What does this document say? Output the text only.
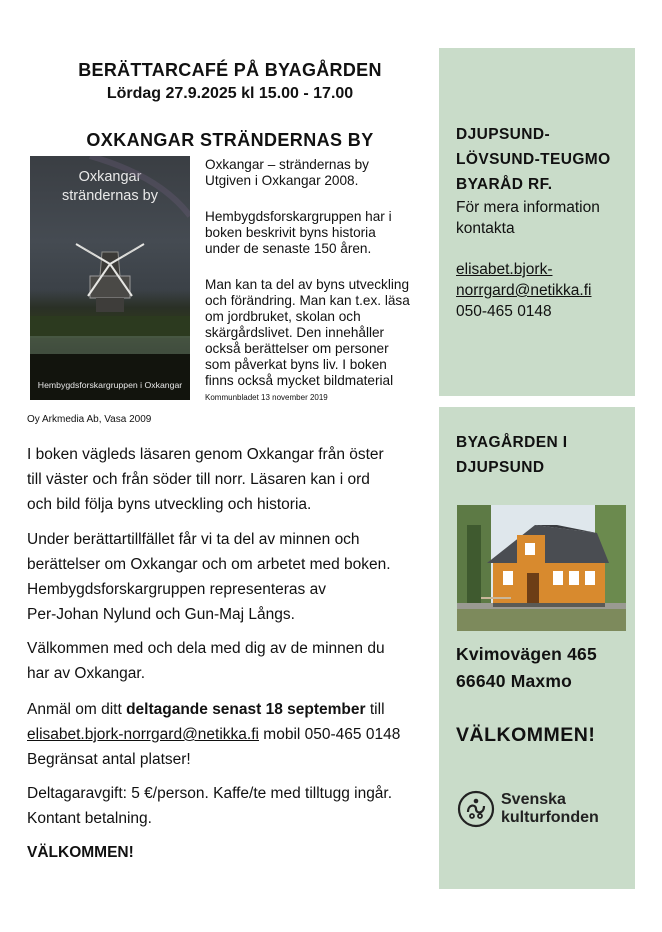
BERÄTTARCAFÉ PÅ BYAGÅRDEN
Lördag 27.9.2025 kl 15.00 - 17.00
OXKANGAR STRÄNDERNAS BY
Oxkangar
strändernas by
Hembygdsforskargruppen i Oxkangar
Oxkangar – strändernas by
Utgiven i Oxkangar 2008.
Hembygdsforskargruppen har i
boken beskrivit byns historia
under de senaste 150 åren.
Man kan ta del av byns utveckling
och förändring. Man kan t.ex. läsa
om jordbruket, skolan och
skärgårdslivet. Den innehåller
också berättelser om personer
som påverkat byns liv. I boken
finns också mycket bildmaterial
Kommunbladet 13 november 2019
Oy Arkmedia Ab, Vasa 2009
I boken vägleds läsaren genom Oxkangar från öster
till väster och från söder till norr. Läsaren kan i ord
och bild följa byns utveckling och historia.
Under berättartillfället får vi ta del av minnen och
berättelser om Oxkangar och om arbetet med boken.
Hembygdsforskargruppen representeras av
Per-Johan Nylund och Gun-Maj Långs.
Välkommen med och dela med dig av de minnen du
har av Oxkangar.
Anmäl om ditt deltagande senast 18 september till
elisabet.bjork-norrgard@netikka.fi mobil 050-465 0148
Begränsat antal platser!
Deltagaravgift: 5 €/person. Kaffe/te med tilltugg ingår.
Kontant betalning.
VÄLKOMMEN!
DJUPSUND-
LÖVSUND-TEUGMO
BYARÅD RF.
För mera information
kontakta
elisabet.bjork-
norrgard@netikka.fi
050-465 0148
BYAGÅRDEN I
DJUPSUND
Kvimovägen 465
66640 Maxmo
VÄLKOMMEN!
Svenska
kulturfonden
